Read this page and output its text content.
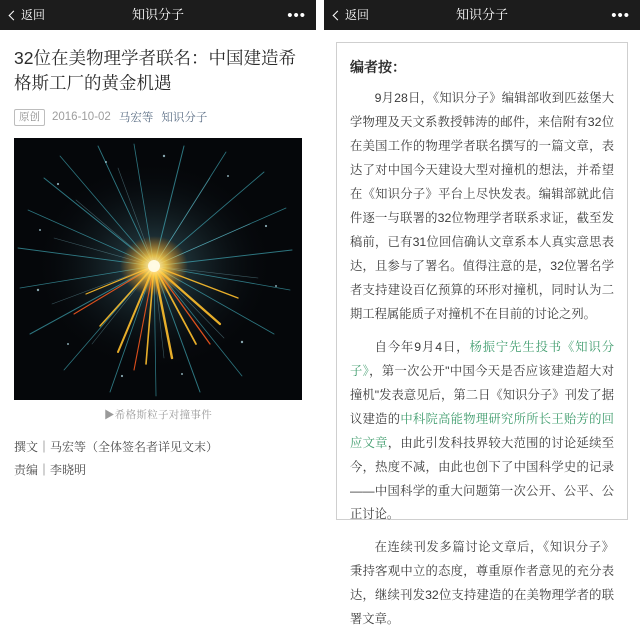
返回	知识分子	•••
32位在美物理学者联名：中国建造希格斯工厂的黄金机遇
原创	2016-10-02 马宏等 知识分子
▶希格斯粒子对撞事件
撰文｜马宏等（全体签名者详见文末）
责编｜李晓明
返回	知识分子	•••
编者按：

9月28日，《知识分子》编辑部收到匹兹堡大学物理及天文系教授韩涛的邮件，来信附有32位在美国工作的物理学者联名撰写的一篇文章，表达了对中国今天建设大型对撞机的想法，并希望在《知识分子》平台上尽快发表。编辑部就此信件逐一与联署的32位物理学者联系求证，截至发稿前，已有31位回信确认文章系本人真实意思表达，且参与了署名。值得注意的是，32位署名学者支持建设百亿预算的环形对撞机，同时认为二期工程属能质子对撞机不在目前的讨论之列。

自今年9月4日，杨振宁先生投书《知识分子》，第一次公开"中国今天是否应该建造超大对撞机"发表意见后，第二日《知识分子》刊发了据议建造的中科院高能物理研究所所长王贻芳的回应文章，由此引发科技界较大范围的讨论延续至今，热度不减，由此也创下了中国科学史的记录——中国科学的重大问题第一次公开、公平、公正讨论。

在连续刊发多篇讨论文章后，《知识分子》秉持客观中立的态度，尊重原作者意见的充分表达，继续刊发32位支持建造的在美物理学者的联署文章。
